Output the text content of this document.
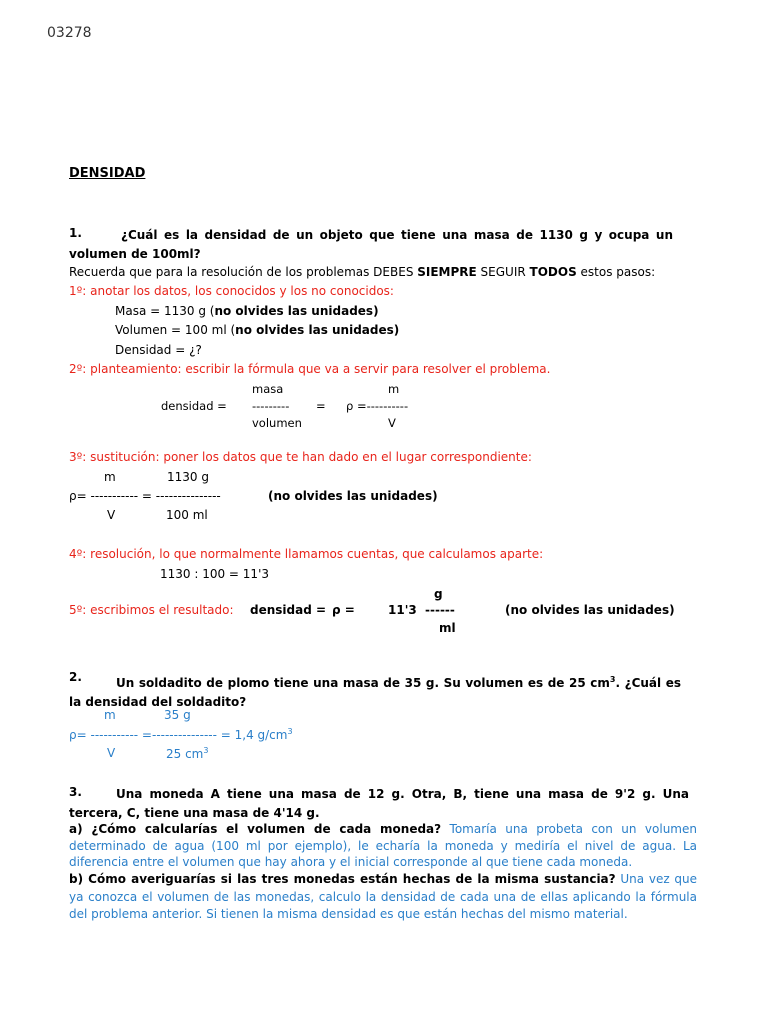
03278
DENSIDAD
1.	¿Cuál es la densidad de un objeto que tiene una masa de 1130 g y ocupa un volumen de 100ml?
Recuerda que para la resolución de los problemas DEBES SIEMPRE SEGUIR TODOS estos pasos:
1º: anotar los datos, los conocidos y los no conocidos:
Masa = 1130 g (no olvides las unidades)
Volumen = 100 ml (no olvides las unidades)
Densidad = ¿?
2º: planteamiento: escribir la fórmula que va a servir para resolver el problema.
masa	m
densidad = --------- = ρ =----------
volumen	V
3º: sustitución: poner los datos que te han dado en el lugar correspondiente:
m	1130 g
ρ= ----------- = ---------------	(no olvides las unidades)
V	100 ml
4º: resolución, lo que normalmente llamamos cuentas, que calculamos aparte:
1130 : 100 = 11'3
g
5º: escribimos el resultado: densidad = ρ =	11'3 ------	(no olvides las unidades)
ml
2.	Un soldadito de plomo tiene una masa de 35 g. Su volumen es de 25 $cm^3$. ¿Cuál es la densidad del soldadito?
m	35 g
ρ= ----------- =--------------- = 1,4 $g/cm^3$
V	25 $cm^3$
3.	Una moneda A tiene una masa de 12 g. Otra, B, tiene una masa de 9'2 g. Una tercera, C, tiene una masa de 4'14 g.
a) ¿Cómo calcularías el volumen de cada moneda? Tomaría una probeta con un volumen determinado de agua (100 ml por ejemplo), le echaría la moneda y mediría el nivel de agua. La diferencia entre el volumen que hay ahora y el inicial corresponde al que tiene cada moneda.
b) Cómo averiguarías si las tres monedas están hechas de la misma sustancia? Una vez que ya conozca el volumen de las monedas, calculo la densidad de cada una de ellas aplicando la fórmula del problema anterior. Si tienen la misma densidad es que están hechas del mismo material.
